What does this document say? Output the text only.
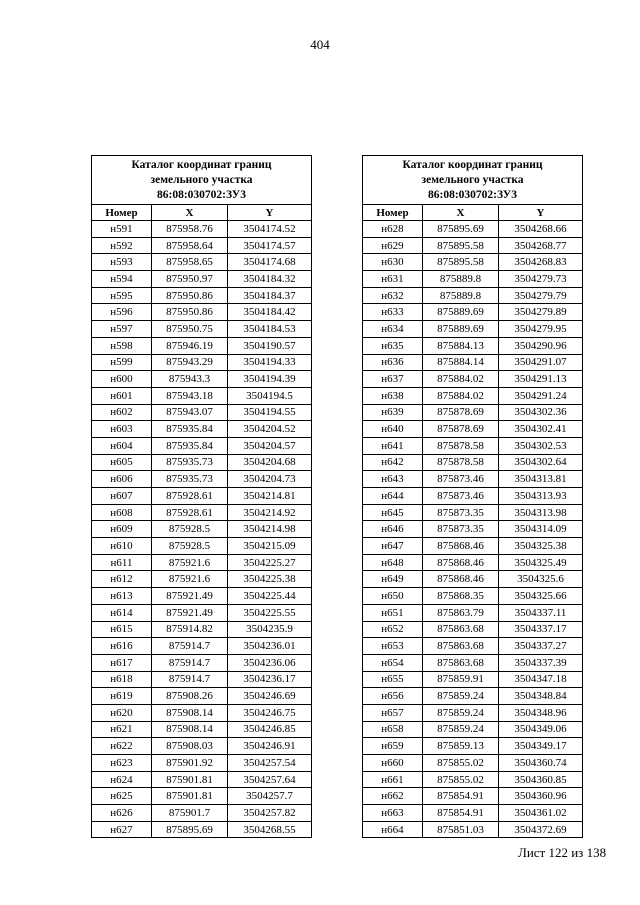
404
Каталог координат границ
земельного участка
86:08:030702:ЗУ3		

Номер	X	Y
н591	875958.76	3504174.52
н592	875958.64	3504174.57
н593	875958.65	3504174.68
н594	875950.97	3504184.32
н595	875950.86	3504184.37
н596	875950.86	3504184.42
н597	875950.75	3504184.53
н598	875946.19	3504190.57
н599	875943.29	3504194.33
н600	875943.3	3504194.39
н601	875943.18	3504194.5
н602	875943.07	3504194.55
н603	875935.84	3504204.52
н604	875935.84	3504204.57
н605	875935.73	3504204.68
н606	875935.73	3504204.73
н607	875928.61	3504214.81
н608	875928.61	3504214.92
н609	875928.5	3504214.98
н610	875928.5	3504215.09
н611	875921.6	3504225.27
н612	875921.6	3504225.38
н613	875921.49	3504225.44
н614	875921.49	3504225.55
н615	875914.82	3504235.9
н616	875914.7	3504236.01
н617	875914.7	3504236.06
н618	875914.7	3504236.17
н619	875908.26	3504246.69
н620	875908.14	3504246.75
н621	875908.14	3504246.85
н622	875908.03	3504246.91
н623	875901.92	3504257.54
н624	875901.81	3504257.64
н625	875901.81	3504257.7
н626	875901.7	3504257.82
н627	875895.69	3504268.55
Каталог координат границ
земельного участка
86:08:030702:ЗУ3		

Номер	X	Y
н628	875895.69	3504268.66
н629	875895.58	3504268.77
н630	875895.58	3504268.83
н631	875889.8	3504279.73
н632	875889.8	3504279.79
н633	875889.69	3504279.89
н634	875889.69	3504279.95
н635	875884.13	3504290.96
н636	875884.14	3504291.07
н637	875884.02	3504291.13
н638	875884.02	3504291.24
н639	875878.69	3504302.36
н640	875878.69	3504302.41
н641	875878.58	3504302.53
н642	875878.58	3504302.64
н643	875873.46	3504313.81
н644	875873.46	3504313.93
н645	875873.35	3504313.98
н646	875873.35	3504314.09
н647	875868.46	3504325.38
н648	875868.46	3504325.49
н649	875868.46	3504325.6
н650	875868.35	3504325.66
н651	875863.79	3504337.11
н652	875863.68	3504337.17
н653	875863.68	3504337.27
н654	875863.68	3504337.39
н655	875859.91	3504347.18
н656	875859.24	3504348.84
н657	875859.24	3504348.96
н658	875859.24	3504349.06
н659	875859.13	3504349.17
н660	875855.02	3504360.74
н661	875855.02	3504360.85
н662	875854.91	3504360.96
н663	875854.91	3504361.02
н664	875851.03	3504372.69
Лист 122 из 138
